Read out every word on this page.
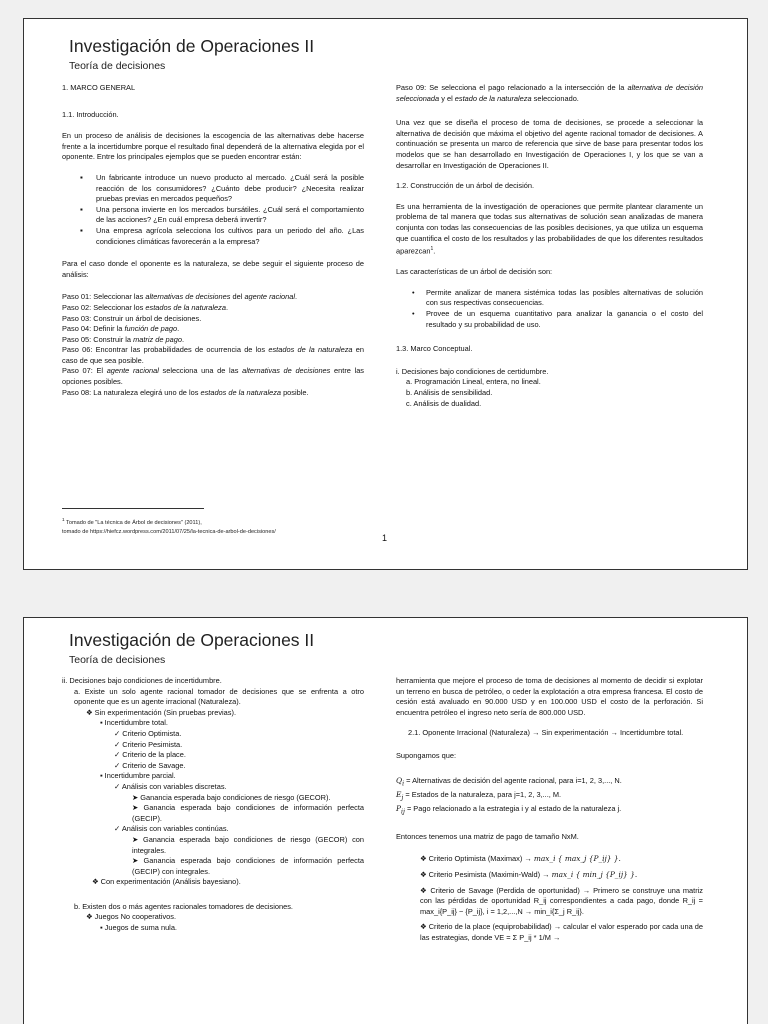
Investigación de Operaciones II
Teoría de decisiones

1. MARCO GENERAL

1.1. Introducción.

En un proceso de análisis de decisiones la escogencia de las alternativas debe hacerse frente a la incertidumbre porque el resultado final dependerá de la alternativa elegida por el oponente. Entre los principales ejemplos que se pueden encontrar están:

▪ Un fabricante introduce un nuevo producto al mercado. ¿Cuál será la posible reacción de los consumidores? ¿Cuánto debe producir? ¿Necesita realizar pruebas previas en mercados pequeños?
▪ Una persona invierte en los mercados bursátiles. ¿Cuál será el comportamiento de las acciones? ¿En cuál empresa deberá invertir?
▪ Una empresa agrícola selecciona los cultivos para un periodo del año. ¿Las condiciones climáticas favorecerán a la empresa?

Para el caso donde el oponente es la naturaleza, se debe seguir el siguiente proceso de análisis:

Paso 01: Seleccionar las alternativas de decisiones del agente racional.

Paso 02: Seleccionar los estados de la naturaleza.

Paso 03: Construir un árbol de decisiones.

Paso 04: Definir la función de pago.

Paso 05: Construir la matriz de pago.

Paso 06: Encontrar las probabilidades de ocurrencia de los estados de la naturaleza en caso de que sea posible.

Paso 07: El agente racional selecciona una de las alternativas de decisiones entre las opciones posibles.

Paso 08: La naturaleza elegirá uno de los estados de la naturaleza posible.

Paso 09: Se selecciona el pago relacionado a la intersección de la alternativa de decisión seleccionada y el estado de la naturaleza seleccionado.

Una vez que se diseña el proceso de toma de decisiones, se procede a seleccionar la alternativa de decisión que máxima el objetivo del agente racional tomador de decisiones. A continuación se presenta un marco de referencia que sirve de base para presentar todos los modelos que se han desarrollado en Investigación de Operaciones I, y los que se van a desarrollar en Investigación de Operaciones II.

1.2. Construcción de un árbol de decisión.

Es una herramienta de la investigación de operaciones que permite plantear claramente un problema de tal manera que todas sus alternativas de solución sean analizadas de manera conjunta con todas las consecuencias de las posibles decisiones, ya que utiliza un esquema que cuantifica el costo de los resultados y las probabilidades de que los diferentes resultados aparezcan$^1$.

Las características de un árbol de decisión son:

• Permite analizar de manera sistémica todas las posibles alternativas de solución con sus respectivas consecuencias.
• Provee de un esquema cuantitativo para analizar la ganancia o el costo del resultado y su probabilidad de uso.

1.3. Marco Conceptual.

i. Decisiones bajo condiciones de certidumbre.

a. Programación Lineal, entera, no lineal.

b. Análisis de sensibilidad.

c. Análisis de dualidad.

$^1$ Tomado de "La técnica de Árbol de decisiones" (2011),
tomado de https://hiefcz.wordpress.com/2011/07/25/la-tecnica-de-arbol-de-decisiones/
1
Investigación de Operaciones II
Teoría de decisiones

ii. Decisiones bajo condiciones de incertidumbre.

a. Existe un solo agente racional tomador de decisiones que se enfrenta a otro oponente que es un agente irracional (Naturaleza).

❖ Sin experimentación (Sin pruebas previas).

▪ Incertidumbre total.

✓ Criterio Optimista.

✓ Criterio Pesimista.

✓ Criterio de la place.

✓ Criterio de Savage.

▪ Incertidumbre parcial.

✓ Análisis con variables discretas.

➤ Ganancia esperada bajo condiciones de riesgo (GECOR).

➤ Ganancia esperada bajo condiciones de información perfecta (GECIP).

✓ Análisis con variables continúas.

➤ Ganancia esperada bajo condiciones de riesgo (GECOR) con integrales.

➤ Ganancia esperada bajo condiciones de información perfecta (GECIP) con integrales.

❖ Con experimentación (Análisis bayesiano).

b. Existen dos o más agentes racionales tomadores de decisiones.

❖ Juegos No cooperativos.

▪ Juegos de suma nula.

herramienta que mejore el proceso de toma de decisiones al momento de decidir si explotar un terreno en busca de petróleo, o ceder la explotación a otra empresa francesa. El costo de cesión está avaluado en 90.000 USD y en 100.000 USD el costo de la perforación. Si encuentra petróleo el ingreso neto sería de 800.000 USD.

2.1. Oponente Irracional (Naturaleza) → Sin experimentación → Incertidumbre total.

Supongamos que:

$Q_i$ = Alternativas de decisión del agente racional, para i=1, 2, 3,..., N.

$E_j$ = Estados de la naturaleza, para j=1, 2, 3,..., M.

$P_{ij}$ = Pago relacionado a la estrategia i y al estado de la naturaleza j.

Entonces tenemos una matriz de pago de tamaño NxM.

❖ Criterio Optimista (Maximax) → max_i { max_j {P_ij} }.

❖ Criterio Pesimista (Maximin-Wald) → max_i { min_j {P_ij} }.

❖ Criterio de Savage (Perdida de oportunidad) → Primero se construye una matriz con las pérdidas de oportunidad R_ij correspondientes a cada pago, donde R_ij = max_i{P_ij} − {P_ij}, i = 1,2,...,N → min_i{Σ_j R_ij}.

❖ Criterio de la place (equiprobabilidad) → calcular el valor esperado por cada una de las estrategias, donde VE = Σ P_ij * 1/M →
